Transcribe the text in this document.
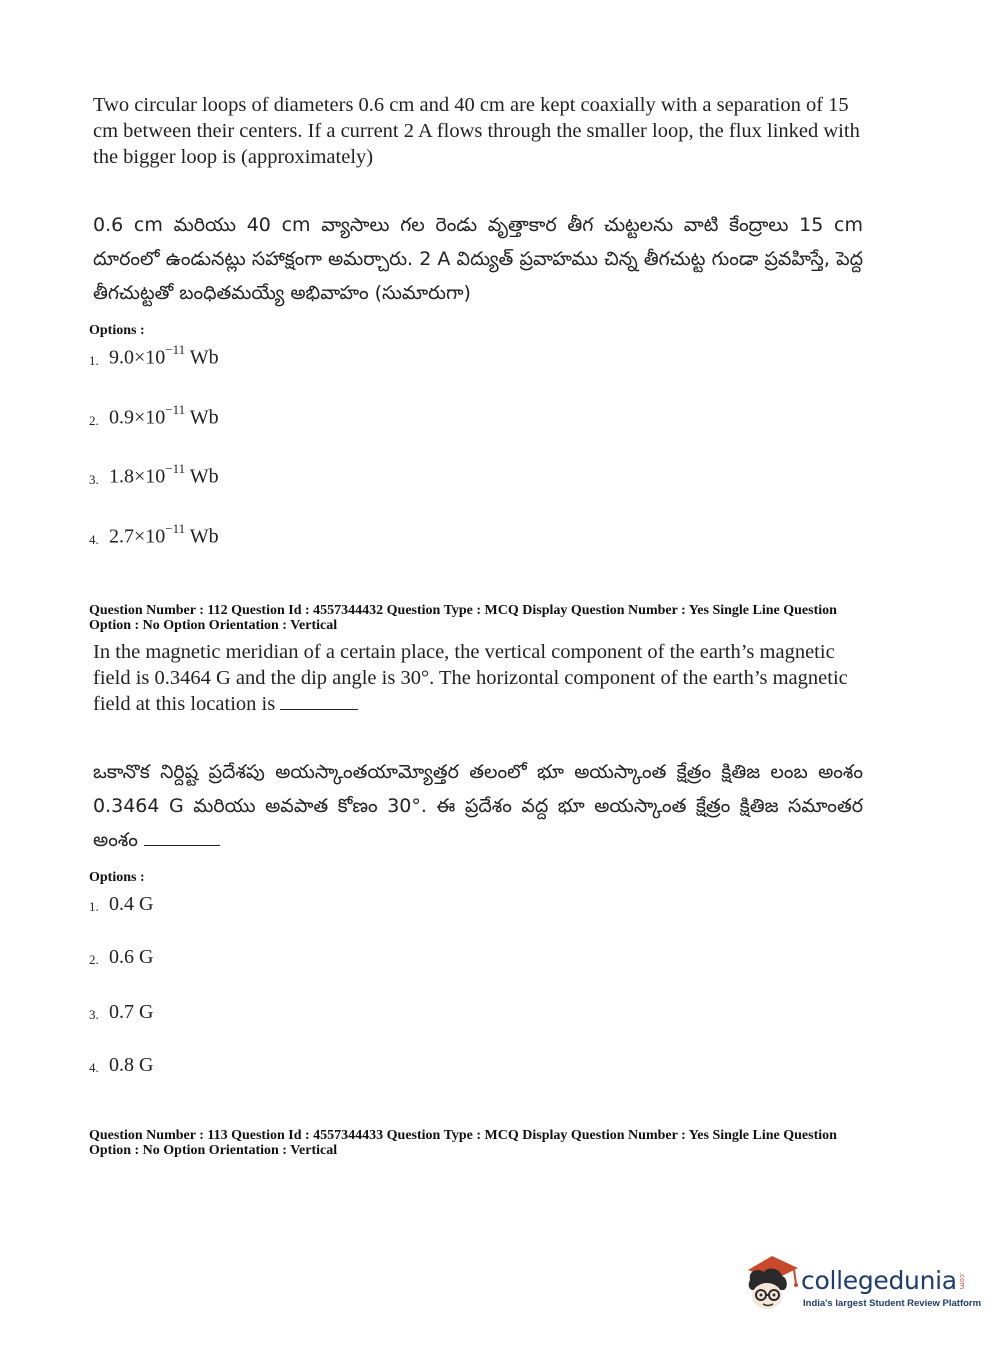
Two circular loops of diameters 0.6 cm and 40 cm are kept coaxially with a separation of 15 cm between their centers. If a current 2 A flows through the smaller loop, the flux linked with the bigger loop is (approximately)
0.6 cm మరియు 40 cm వ్యాసాలు గల రెండు వృత్తాకార తీగ చుట్టలను వాటి కేంద్రాలు 15 cm దూరంలో ఉండునట్లు సహాక్షంగా అమర్చారు. 2 A విద్యుత్ ప్రవాహము చిన్న తీగచుట్ట గుండా ప్రవహిస్తే, పెద్ద తీగచుట్టతో బంధితమయ్యే అభివాహం (సుమారుగా)
Options :
1. $9.0\times 10^{-11}$ Wb
2. $0.9\times 10^{-11}$ Wb
3. $1.8\times 10^{-11}$ Wb
4. $2.7\times 10^{-11}$ Wb
Question Number : 112 Question Id : 4557344432 Question Type : MCQ Display Question Number : Yes Single Line Question
Option : No Option Orientation : Vertical
In the magnetic meridian of a certain place, the vertical component of the earth’s magnetic field is 0.3464 G and the dip angle is 30°. The horizontal component of the earth’s magnetic field at this location is
ఒకానొక నిర్దిష్ట ప్రదేశపు అయస్కాంతయామ్యోత్తర తలంలో భూ అయస్కాంత క్షేత్రం క్షితిజ లంబ అంశం 0.3464 G మరియు అవపాత కోణం 30°. ఈ ప్రదేశం వద్ద భూ అయస్కాంత క్షేత్రం క్షితిజ సమాంతర అంశం
Options :
1. 0.4 G
2. 0.6 G
3. 0.7 G
4. 0.8 G
Question Number : 113 Question Id : 4557344433 Question Type : MCQ Display Question Number : Yes Single Line Question
Option : No Option Orientation : Vertical
collegedunia .com
India's largest Student Review Platform
